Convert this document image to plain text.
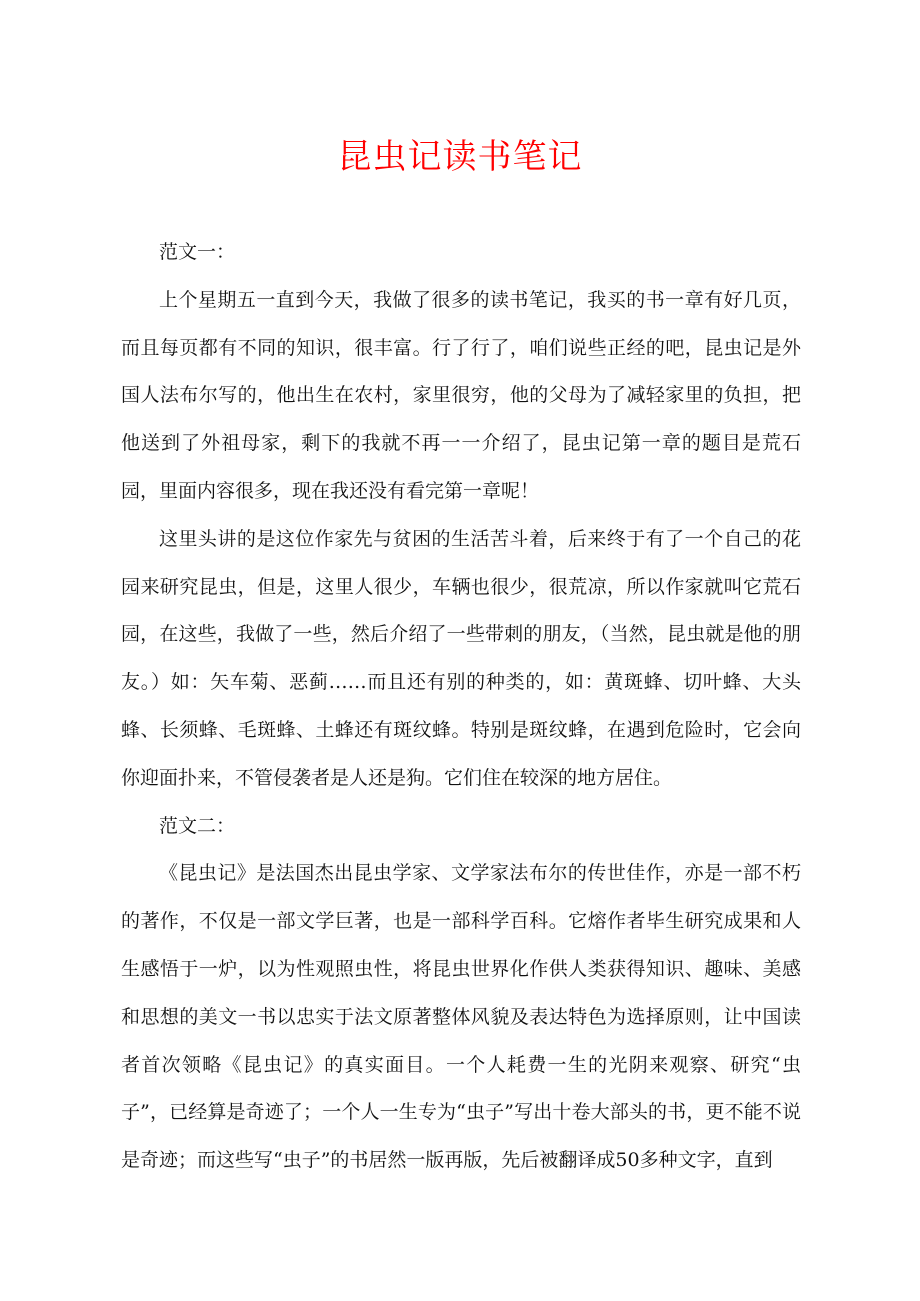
昆虫记读书笔记

范文一：

上个星期五一直到今天，我做了很多的读书笔记，我买的书一章有好几页，而且每页都有不同的知识，很丰富。行了行了，咱们说些正经的吧，昆虫记是外国人法布尔写的，他出生在农村，家里很穷，他的父母为了减轻家里的负担，把他送到了外祖母家，剩下的我就不再一一介绍了，昆虫记第一章的题目是荒石园，里面内容很多，现在我还没有看完第一章呢！

这里头讲的是这位作家先与贫困的生活苦斗着，后来终于有了一个自己的花园来研究昆虫，但是，这里人很少，车辆也很少，很荒凉，所以作家就叫它荒石园，在这些，我做了一些，然后介绍了一些带刺的朋友，（当然，昆虫就是他的朋友。）如：矢车菊、恶蓟……而且还有别的种类的，如：黄斑蜂、切叶蜂、大头蜂、长须蜂、毛斑蜂、土蜂还有斑纹蜂。特别是斑纹蜂，在遇到危险时，它会向你迎面扑来，不管侵袭者是人还是狗。它们住在较深的地方居住。

范文二：

《昆虫记》是法国杰出昆虫学家、文学家法布尔的传世佳作，亦是一部不朽的著作，不仅是一部文学巨著，也是一部科学百科。它熔作者毕生研究成果和人生感悟于一炉，以为性观照虫性，将昆虫世界化作供人类获得知识、趣味、美感和思想的美文一书以忠实于法文原著整体风貌及表达特色为选择原则，让中国读者首次领略《昆虫记》的真实面目。一个人耗费一生的光阴来观察、研究“虫子”，已经算是奇迹了；一个人一生专为“虫子”写出十卷大部头的书，更不能不说是奇迹；而这些写“虫子”的书居然一版再版，先后被翻译成50多种文字，直到
